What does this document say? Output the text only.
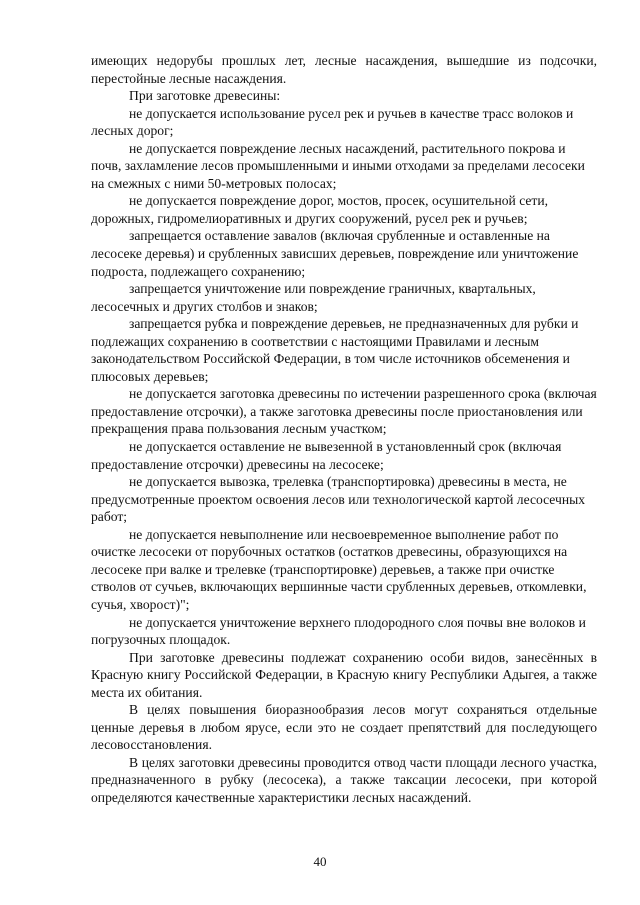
имеющих недорубы прошлых лет, лесные насаждения, вышедшие из подсочки, перестойные лесные насаждения.

При заготовке древесины:

не допускается использование русел рек и ручьев в качестве трасс волоков и лесных дорог;

не допускается повреждение лесных насаждений, растительного покрова и почв, захламление лесов промышленными и иными отходами за пределами лесосеки на смежных с ними 50-метровых полосах;

не допускается повреждение дорог, мостов, просек, осушительной сети, дорожных, гидромелиоративных и других сооружений, русел рек и ручьев;

запрещается оставление завалов (включая срубленные и оставленные на лесосеке деревья) и срубленных зависших деревьев, повреждение или уничтожение подроста, подлежащего сохранению;

запрещается уничтожение или повреждение граничных, квартальных, лесосечных и других столбов и знаков;

запрещается рубка и повреждение деревьев, не предназначенных для рубки и подлежащих сохранению в соответствии с настоящими Правилами и лесным законодательством Российской Федерации, в том числе источников обсеменения и плюсовых деревьев;

не допускается заготовка древесины по истечении разрешенного срока (включая предоставление отсрочки), а также заготовка древесины после приостановления или прекращения права пользования лесным участком;

не допускается оставление не вывезенной в установленный срок (включая предоставление отсрочки) древесины на лесосеке;

не допускается вывозка, трелевка (транспортировка) древесины в места, не предусмотренные проектом освоения лесов или технологической картой лесосечных работ;

не допускается невыполнение или несвоевременное выполнение работ по очистке лесосеки от порубочных остатков (остатков древесины, образующихся на лесосеке при валке и трелевке (транспортировке) деревьев, а также при очистке стволов от сучьев, включающих вершинные части срубленных деревьев, откомлевки, сучья, хворост)";

не допускается уничтожение верхнего плодородного слоя почвы вне волоков и погрузочных площадок.

При заготовке древесины подлежат сохранению особи видов, занесённых в Красную книгу Российской Федерации, в Красную книгу Республики Адыгея, а также места их обитания.

В целях повышения биоразнообразия лесов могут сохраняться отдельные ценные деревья в любом ярусе, если это не создает препятствий для последующего лесовосстановления.

В целях заготовки древесины проводится отвод части площади лесного участка, предназначенного в рубку (лесосека), а также таксации лесосеки, при которой определяются качественные характеристики лесных насаждений.

40
